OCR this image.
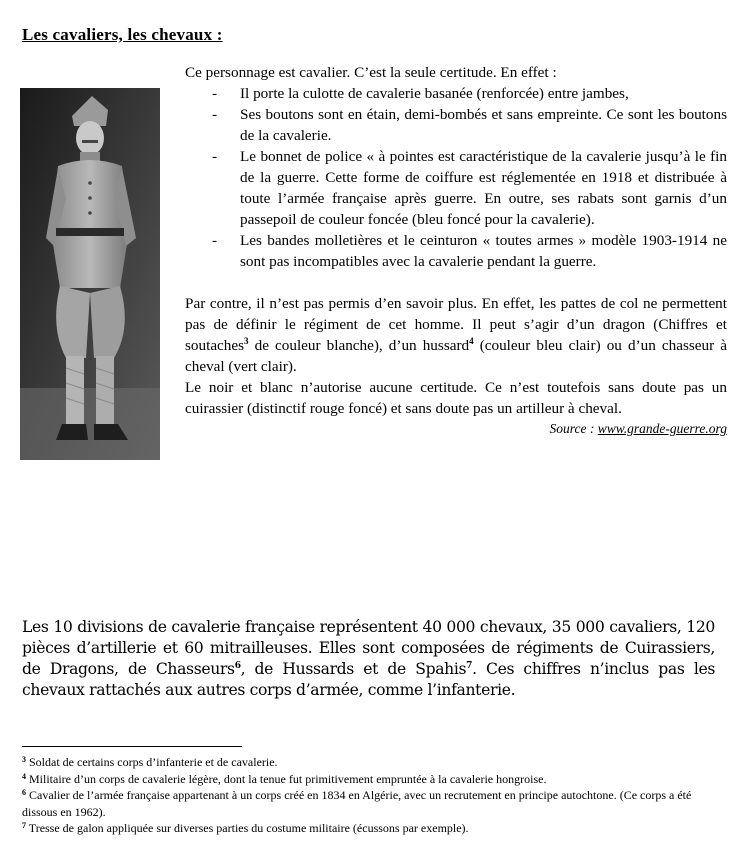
Les cavaliers, les chevaux :

Ce personnage est cavalier. C’est la seule certitude. En effet :

- Il porte la culotte de cavalerie basanée (renforcée) entre jambes,
- Ses boutons sont en étain, demi-bombés et sans empreinte. Ce sont les boutons de la cavalerie.
- Le bonnet de police « à pointes est caractéristique de la cavalerie jusqu’à le fin de la guerre. Cette forme de coiffure est réglementée en 1918 et distribuée à toute l’armée française après guerre. En outre, ses rabats sont garnis d’un passepoil de couleur foncée (bleu foncé pour la cavalerie).
- Les bandes molletières et le ceinturon « toutes armes » modèle 1903-1914 ne sont pas incompatibles avec la cavalerie pendant la guerre.

Par contre, il n’est pas permis d’en savoir plus. En effet, les pattes de col ne permettent pas de définir le régiment de cet homme. Il peut s’agir d’un dragon (Chiffres et soutaches$^3$ de couleur blanche), d’un hussard$^4$ (couleur bleu clair) ou d’un chasseur à cheval (vert clair).

Le noir et blanc n’autorise aucune certitude. Ce n’est toutefois sans doute pas un cuirassier (distinctif rouge foncé) et sans doute pas un artilleur à cheval.

Source : www.grande-guerre.org

Les 10 divisions de cavalerie française représentent 40 000 chevaux, 35 000 cavaliers, 120 pièces d’artillerie et 60 mitrailleuses. Elles sont composées de régiments de Cuirassiers, de Dragons, de Chasseurs$^6$, de Hussards et de Spahis$^7$. Ces chiffres n’inclus pas les chevaux rattachés aux autres corps d’armée, comme l’infanterie.

$^3$ Soldat de certains corps d’infanterie et de cavalerie.

$^4$ Militaire d’un corps de cavalerie légère, dont la tenue fut primitivement empruntée à la cavalerie hongroise.

$^6$ Cavalier de l’armée française appartenant à un corps créé en 1834 en Algérie, avec un recrutement en principe autochtone. (Ce corps a été dissous en 1962).

$^7$ Tresse de galon appliquée sur diverses parties du costume militaire (écussons par exemple).
